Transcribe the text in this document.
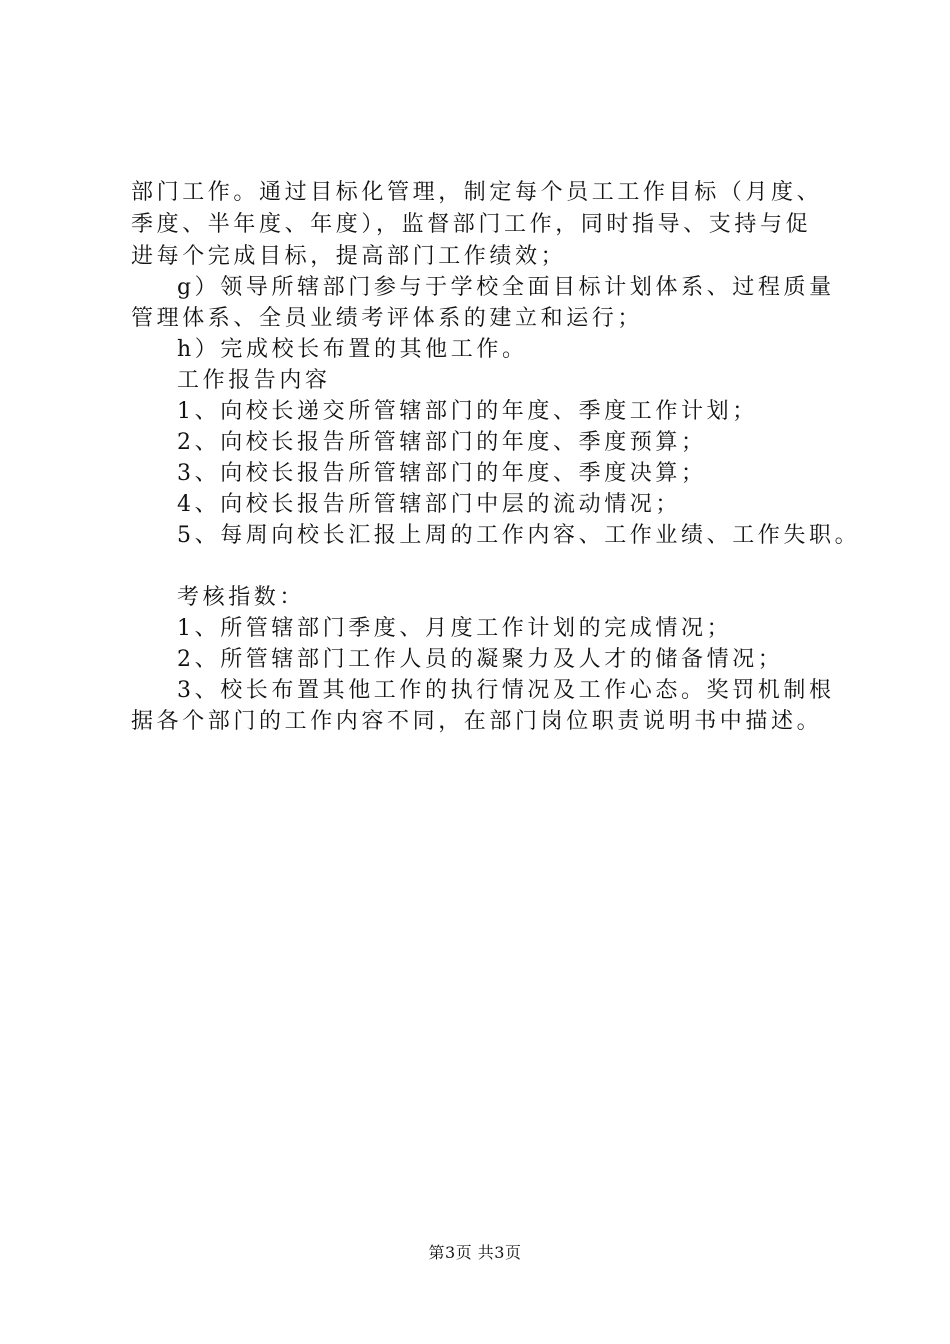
部门工作。通过目标化管理，制定每个员工工作目标（月度、
季度、半年度、年度），监督部门工作，同时指导、支持与促
进每个完成目标，提高部门工作绩效；
g）领导所辖部门参与于学校全面目标计划体系、过程质量
管理体系、全员业绩考评体系的建立和运行；
h）完成校长布置的其他工作。
工作报告内容
1、向校长递交所管辖部门的年度、季度工作计划；
2、向校长报告所管辖部门的年度、季度预算；
3、向校长报告所管辖部门的年度、季度决算；
4、向校长报告所管辖部门中层的流动情况；
5、每周向校长汇报上周的工作内容、工作业绩、工作失职。
考核指数：
1、所管辖部门季度、月度工作计划的完成情况；
2、所管辖部门工作人员的凝聚力及人才的储备情况；
3、校长布置其他工作的执行情况及工作心态。奖罚机制根
据各个部门的工作内容不同，在部门岗位职责说明书中描述。
第3页 共3页
